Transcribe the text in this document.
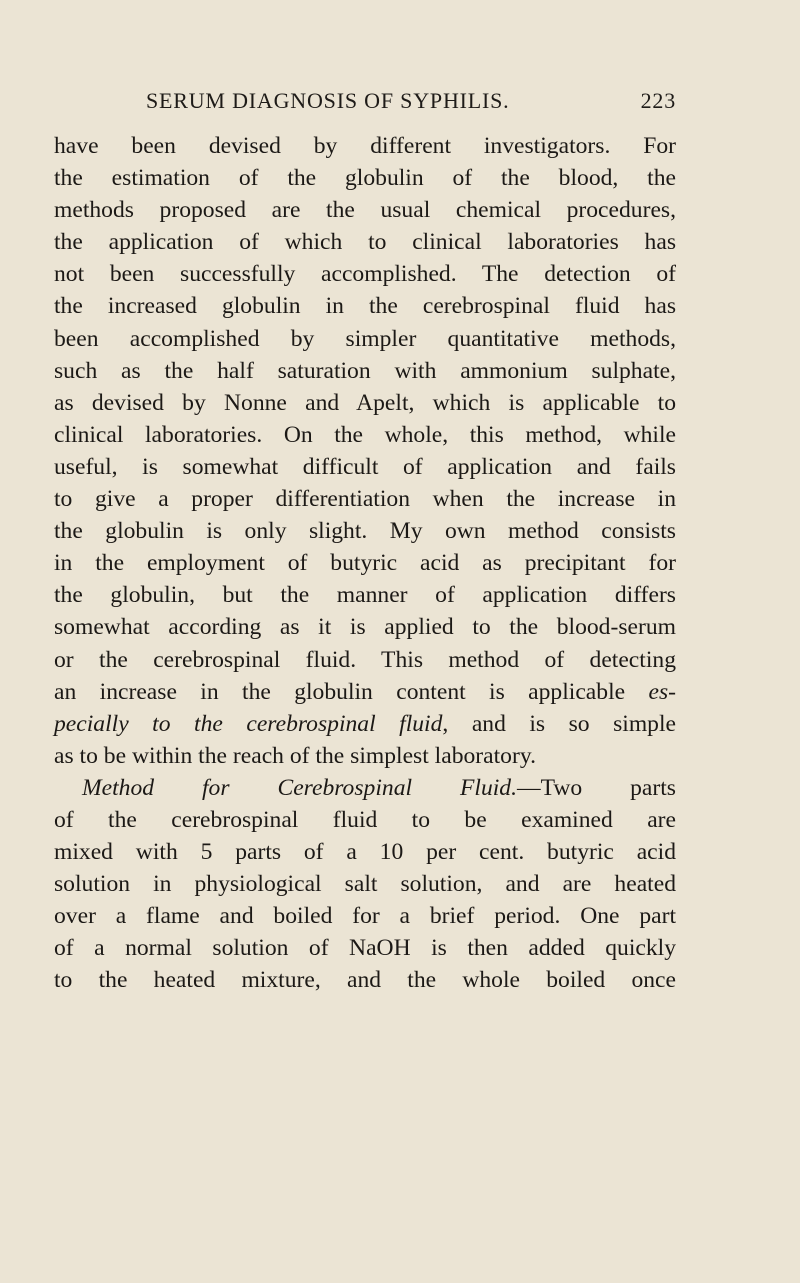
SERUM DIAGNOSIS OF SYPHILIS.	223
have been devised by different investigators. For
the estimation of the globulin of the blood, the
methods proposed are the usual chemical procedures,
the application of which to clinical laboratories has
not been successfully accomplished. The detection of
the increased globulin in the cerebrospinal fluid has
been accomplished by simpler quantitative methods,
such as the half saturation with ammonium sulphate,
as devised by Nonne and Apelt, which is applicable to
clinical laboratories. On the whole, this method, while
useful, is somewhat difficult of application and fails
to give a proper differentiation when the increase in
the globulin is only slight. My own method consists
in the employment of butyric acid as precipitant for
the globulin, but the manner of application differs
somewhat according as it is applied to the blood-serum
or the cerebrospinal fluid. This method of detecting
an increase in the globulin content is applicable es-
pecially to the cerebrospinal fluid, and is so simple
as to be within the reach of the simplest laboratory.
Method for Cerebrospinal Fluid.—Two parts
of the cerebrospinal fluid to be examined are
mixed with 5 parts of a 10 per cent. butyric acid
solution in physiological salt solution, and are heated
over a flame and boiled for a brief period. One part
of a normal solution of NaOH is then added quickly
to the heated mixture, and the whole boiled once
